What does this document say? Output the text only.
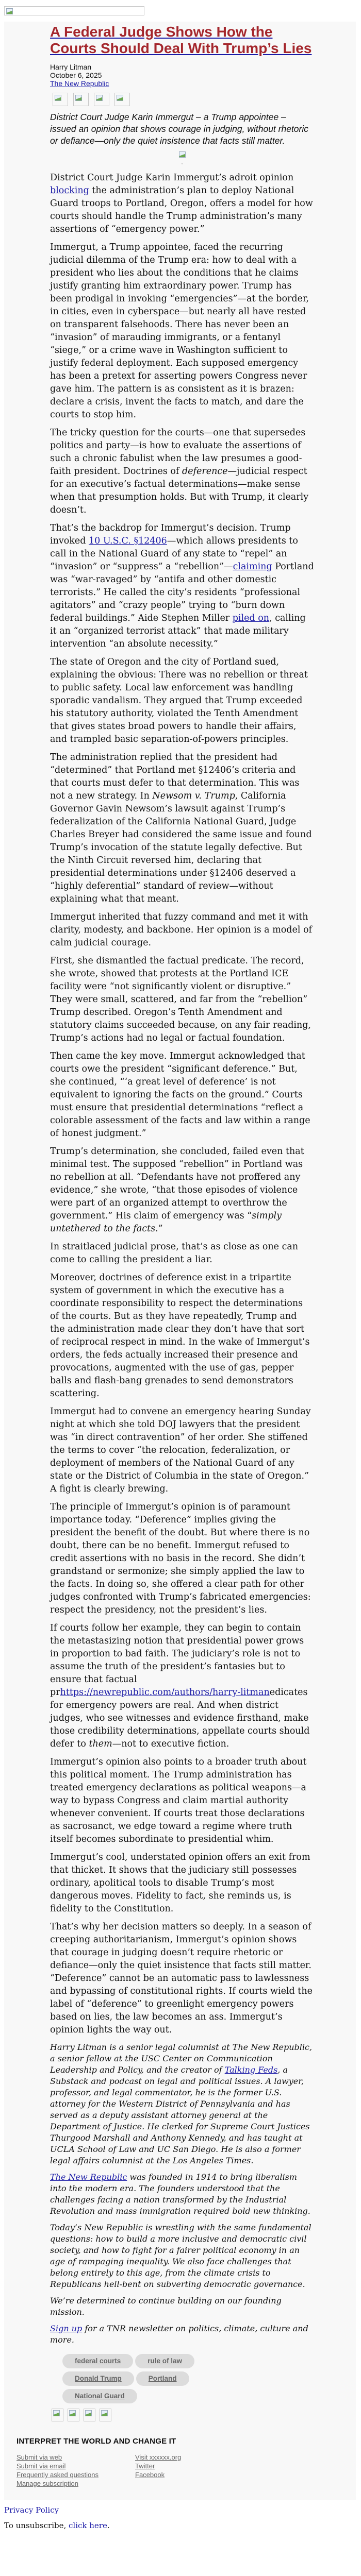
A Federal Judge Shows How the Courts Should Deal With Trump’s Lies
Harry Litman
October 6, 2025
The New Republic

District Court Judge Karin Immergut – a Trump appointee – issued an opinion that shows courage in judging, without rhetoric or defiance—only the quiet insistence that facts still matter.

,

District Court Judge Karin Immergut’s adroit opinion blocking the administration’s plan to deploy National Guard troops to Portland, Oregon, offers a model for how courts should handle the Trump administration’s many assertions of “emergency power.”

Immergut, a Trump appointee, faced the recurring judicial dilemma of the Trump era: how to deal with a president who lies about the conditions that he claims justify granting him extraordinary power. Trump has been prodigal in invoking “emergencies”—at the border, in cities, even in cyberspace—but nearly all have rested on transparent falsehoods. There has never been an “invasion” of marauding immigrants, or a fentanyl “siege,” or a crime wave in Washington sufficient to justify federal deployment. Each supposed emergency has been a pretext for asserting powers Congress never gave him. The pattern is as consistent as it is brazen: declare a crisis, invent the facts to match, and dare the courts to stop him.

The tricky question for the courts—one that supersedes politics and party—is how to evaluate the assertions of such a chronic fabulist when the law presumes a good-faith president. Doctrines of deference—judicial respect for an executive’s factual determinations—make sense when that presumption holds. But with Trump, it clearly doesn’t.

That’s the backdrop for Immergut’s decision. Trump invoked 10 U.S.C. §12406—which allows presidents to call in the National Guard of any state to “repel” an “invasion” or “suppress” a “rebellion”—claiming Portland was “war-ravaged” by “antifa and other domestic terrorists.” He called the city’s residents “professional agitators” and “crazy people” trying to “burn down federal buildings.” Aide Stephen Miller piled on, calling it an “organized terrorist attack” that made military intervention “an absolute necessity.”

The state of Oregon and the city of Portland sued, explaining the obvious: There was no rebellion or threat to public safety. Local law enforcement was handling sporadic vandalism. They argued that Trump exceeded his statutory authority, violated the Tenth Amendment that gives states broad powers to handle their affairs, and trampled basic separation-of-powers principles.

The administration replied that the president had “determined” that Portland met §12406’s criteria and that courts must defer to that determination. This was not a new strategy. In Newsom v. Trump, California Governor Gavin Newsom’s lawsuit against Trump’s federalization of the California National Guard, Judge Charles Breyer had considered the same issue and found Trump’s invocation of the statute legally defective. But the Ninth Circuit reversed him, declaring that presidential determinations under §12406 deserved a “highly deferential” standard of review—without explaining what that meant.

Immergut inherited that fuzzy command and met it with clarity, modesty, and backbone. Her opinion is a model of calm judicial courage.

First, she dismantled the factual predicate. The record, she wrote, showed that protests at the Portland ICE facility were “not significantly violent or disruptive.” They were small, scattered, and far from the “rebellion” Trump described. Oregon’s Tenth Amendment and statutory claims succeeded because, on any fair reading, Trump’s actions had no legal or factual foundation.

Then came the key move. Immergut acknowledged that courts owe the president “significant deference.” But, she continued, “‘a great level of deference’ is not equivalent to ignoring the facts on the ground.” Courts must ensure that presidential determinations “reflect a colorable assessment of the facts and law within a range of honest judgment.”

Trump’s determination, she concluded, failed even that minimal test. The supposed “rebellion” in Portland was no rebellion at all. “Defendants have not proffered any evidence,” she wrote, “that those episodes of violence were part of an organized attempt to overthrow the government.” His claim of emergency was “simply untethered to the facts.”

In straitlaced judicial prose, that’s as close as one can come to calling the president a liar.

Moreover, doctrines of deference exist in a tripartite system of government in which the executive has a coordinate responsibility to respect the determinations of the courts. But as they have repeatedly, Trump and the administration made clear they don’t have that sort of reciprocal respect in mind. In the wake of Immergut’s orders, the feds actually increased their presence and provocations, augmented with the use of gas, pepper balls and flash-bang grenades to send demonstrators scattering.

Immergut had to convene an emergency hearing Sunday night at which she told DOJ lawyers that the president was “in direct contravention” of her order. She stiffened the terms to cover “the relocation, federalization, or deployment of members of the National Guard of any state or the District of Columbia in the state of Oregon.” A fight is clearly brewing.

The principle of Immergut’s opinion is of paramount importance today. “Deference” implies giving the president the benefit of the doubt. But where there is no doubt, there can be no benefit. Immergut refused to credit assertions with no basis in the record. She didn’t grandstand or sermonize; she simply applied the law to the facts. In doing so, she offered a clear path for other judges confronted with Trump’s fabricated emergencies: respect the presidency, not the president’s lies.

If courts follow her example, they can begin to contain the metastasizing notion that presidential power grows in proportion to bad faith. The judiciary’s role is not to assume the truth of the president’s fantasies but to ensure that factual prhttps://newrepublic.com/authors/harry-litmanedicates for emergency powers are real. And when district judges, who see witnesses and evidence firsthand, make those credibility determinations, appellate courts should defer to them—not to executive fiction.

Immergut’s opinion also points to a broader truth about this political moment. The Trump administration has treated emergency declarations as political weapons—a way to bypass Congress and claim martial authority whenever convenient. If courts treat those declarations as sacrosanct, we edge toward a regime where truth itself becomes subordinate to presidential whim.

Immergut’s cool, understated opinion offers an exit from that thicket. It shows that the judiciary still possesses ordinary, apolitical tools to disable Trump’s most dangerous moves. Fidelity to fact, she reminds us, is fidelity to the Constitution.

That’s why her decision matters so deeply. In a season of creeping authoritarianism, Immergut’s opinion shows that courage in judging doesn’t require rhetoric or defiance—only the quiet insistence that facts still matter. “Deference” cannot be an automatic pass to lawlessness and bypassing of constitutional rights. If courts wield the label of “deference” to greenlight emergency powers based on lies, the law becomes an ass. Immergut’s opinion lights the way out.

Harry Litman is a senior legal columnist at The New Republic, a senior fellow at the USC Center on Communication Leadership and Policy, and the creator of Talking Feds, a Substack and podcast on legal and political issues. A lawyer, professor, and legal commentator, he is the former U.S. attorney for the Western District of Pennsylvania and has served as a deputy assistant attorney general at the Department of Justice. He clerked for Supreme Court Justices Thurgood Marshall and Anthony Kennedy, and has taught at UCLA School of Law and UC San Diego. He is also a former legal affairs columnist at the Los Angeles Times.

The New Republic was founded in 1914 to bring liberalism into the modern era. The founders understood that the challenges facing a nation transformed by the Industrial Revolution and mass immigration required bold new thinking.

Today’s New Republic is wrestling with the same fundamental questions: how to build a more inclusive and democratic civil society, and how to fight for a fairer political economy in an age of rampaging inequality. We also face challenges that belong entirely to this age, from the climate crisis to Republicans hell-bent on subverting democratic governance.

We’re determined to continue building on our founding mission.

Sign up for a TNR newsletter on politics, climate, culture and more.

federal courts	rule of law
Donald Trump	Portland
National Guard
INTERPRET THE WORLD AND CHANGE IT
Submit via web
Submit via email
Frequently asked questions
Manage subscription
Visit xxxxxx.org
Twitter
Facebook

Privacy Policy

To unsubscribe, click here.
